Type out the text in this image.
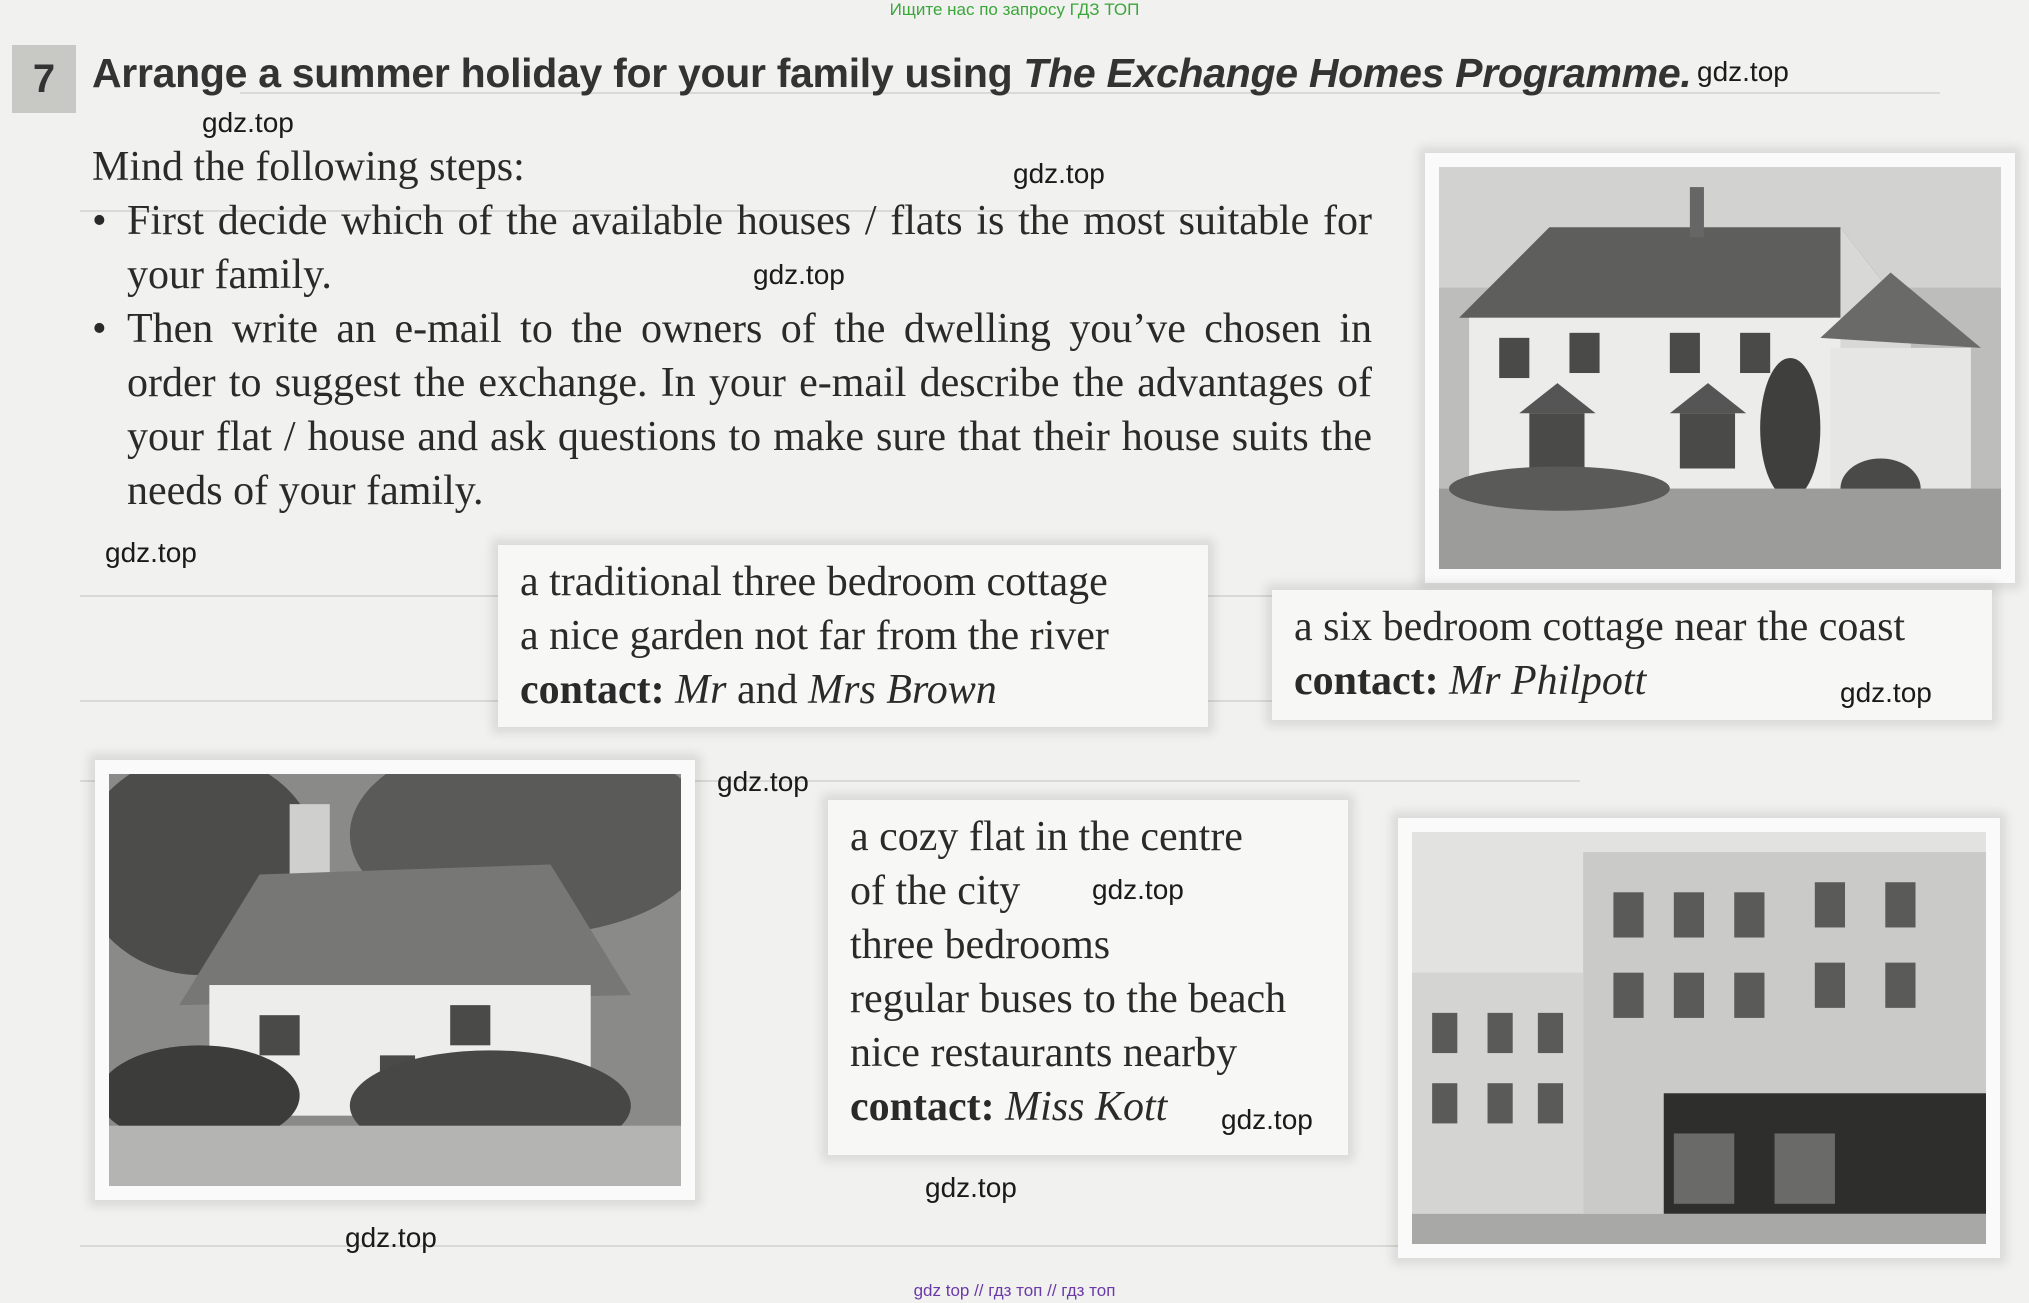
Ищите нас по запросу ГДЗ ТОП
7 Arrange a summer holiday for your family using The Exchange Homes Programme.
Mind the following steps:
• First decide which of the available houses / flats is the most suitable for your family.
• Then write an e-mail to the owners of the dwelling you’ve chosen in order to suggest the exchange. In your e-mail describe the advantages of your flat / house and ask questions to make sure that their house suits the needs of your family.
a traditional three bedroom cottage
a nice garden not far from the river
contact: Mr and Mrs Brown
a six bedroom cottage near the coast
contact: Mr Philpott
a cozy flat in the centre
of the city
three bedrooms
regular buses to the beach
nice restaurants nearby
contact: Miss Kott
gdz.top
gdz.top
gdz.top
gdz.top
gdz.top
gdz.top
gdz.top
gdz.top
gdz.top
gdz.top
gdz.top
gdz top // гдз топ // гдз топ
